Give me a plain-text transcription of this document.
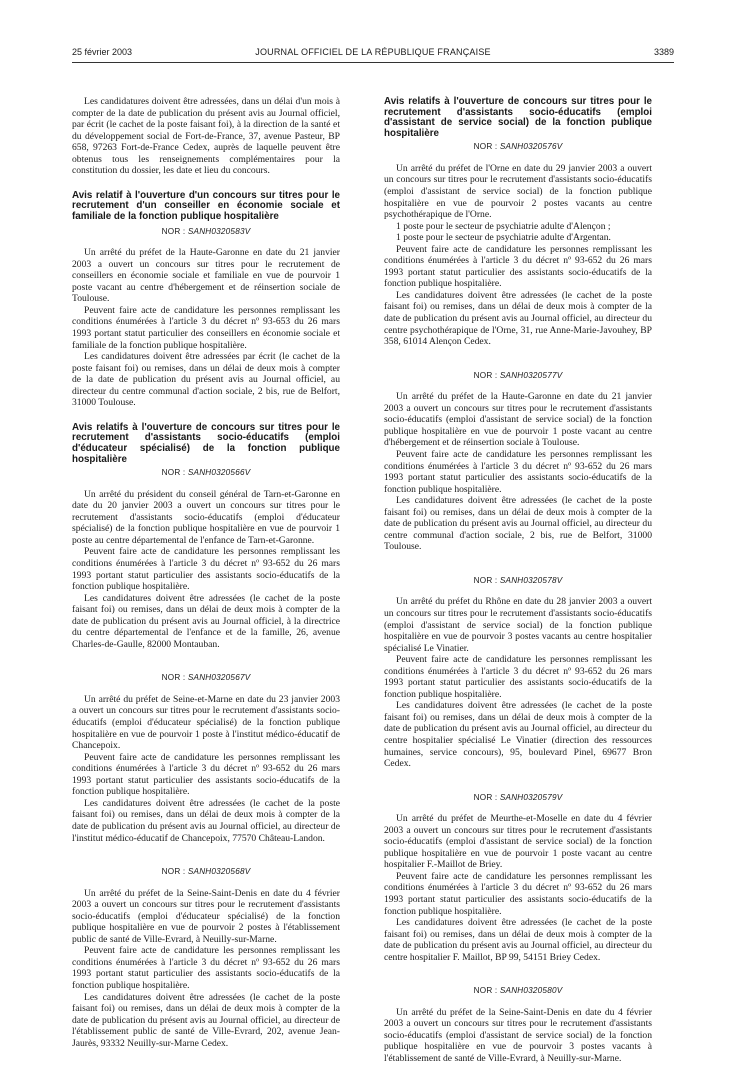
25 février 2003	JOURNAL OFFICIEL DE LA RÉPUBLIQUE FRANÇAISE	3389

Les candidatures doivent être adressées, dans un délai d'un mois à compter de la date de publication du présent avis au Journal officiel, par écrit (le cachet de la poste faisant foi), à la direction de la santé et du développement social de Fort-de-France, 37, avenue Pasteur, BP 658, 97263 Fort-de-France Cedex, auprès de laquelle peuvent être obtenus tous les renseignements complémentaires pour la constitution du dossier, les date et lieu du concours.

Avis relatif à l'ouverture d'un concours sur titres pour le recrutement d'un conseiller en économie sociale et familiale de la fonction publique hospitalière

NOR : SANH0320583V

Un arrêté du préfet de la Haute-Garonne en date du 21 janvier 2003 a ouvert un concours sur titres pour le recrutement de conseillers en économie sociale et familiale en vue de pourvoir 1 poste vacant au centre d'hébergement et de réinsertion sociale de Toulouse.

Peuvent faire acte de candidature les personnes remplissant les conditions énumérées à l'article 3 du décret nº 93-653 du 26 mars 1993 portant statut particulier des conseillers en économie sociale et familiale de la fonction publique hospitalière.

Les candidatures doivent être adressées par écrit (le cachet de la poste faisant foi) ou remises, dans un délai de deux mois à compter de la date de publication du présent avis au Journal officiel, au directeur du centre communal d'action sociale, 2 bis, rue de Belfort, 31000 Toulouse.

Avis relatifs à l'ouverture de concours sur titres pour le recrutement d'assistants socio-éducatifs (emploi d'éducateur spécialisé) de la fonction publique hospitalière

NOR : SANH0320566V

Un arrêté du président du conseil général de Tarn-et-Garonne en date du 20 janvier 2003 a ouvert un concours sur titres pour le recrutement d'assistants socio-éducatifs (emploi d'éducateur spécialisé) de la fonction publique hospitalière en vue de pourvoir 1 poste au centre départemental de l'enfance de Tarn-et-Garonne.

Peuvent faire acte de candidature les personnes remplissant les conditions énumérées à l'article 3 du décret nº 93-652 du 26 mars 1993 portant statut particulier des assistants socio-éducatifs de la fonction publique hospitalière.

Les candidatures doivent être adressées (le cachet de la poste faisant foi) ou remises, dans un délai de deux mois à compter de la date de publication du présent avis au Journal officiel, à la directrice du centre départemental de l'enfance et de la famille, 26, avenue Charles-de-Gaulle, 82000 Montauban.

NOR : SANH0320567V

Un arrêté du préfet de Seine-et-Marne en date du 23 janvier 2003 a ouvert un concours sur titres pour le recrutement d'assistants socio-éducatifs (emploi d'éducateur spécialisé) de la fonction publique hospitalière en vue de pourvoir 1 poste à l'institut médico-éducatif de Chancepoix.

Peuvent faire acte de candidature les personnes remplissant les conditions énumérées à l'article 3 du décret nº 93-652 du 26 mars 1993 portant statut particulier des assistants socio-éducatifs de la fonction publique hospitalière.

Les candidatures doivent être adressées (le cachet de la poste faisant foi) ou remises, dans un délai de deux mois à compter de la date de publication du présent avis au Journal officiel, au directeur de l'institut médico-éducatif de Chancepoix, 77570 Château-Landon.

NOR : SANH0320568V

Un arrêté du préfet de la Seine-Saint-Denis en date du 4 février 2003 a ouvert un concours sur titres pour le recrutement d'assistants socio-éducatifs (emploi d'éducateur spécialisé) de la fonction publique hospitalière en vue de pourvoir 2 postes à l'établissement public de santé de Ville-Evrard, à Neuilly-sur-Marne.

Peuvent faire acte de candidature les personnes remplissant les conditions énumérées à l'article 3 du décret nº 93-652 du 26 mars 1993 portant statut particulier des assistants socio-éducatifs de la fonction publique hospitalière.

Les candidatures doivent être adressées (le cachet de la poste faisant foi) ou remises, dans un délai de deux mois à compter de la date de publication du présent avis au Journal officiel, au directeur de l'établissement public de santé de Ville-Evrard, 202, avenue Jean-Jaurès, 93332 Neuilly-sur-Marne Cedex.

Avis relatifs à l'ouverture de concours sur titres pour le recrutement d'assistants socio-éducatifs (emploi d'assistant de service social) de la fonction publique hospitalière

NOR : SANH0320576V

Un arrêté du préfet de l'Orne en date du 29 janvier 2003 a ouvert un concours sur titres pour le recrutement d'assistants socio-éducatifs (emploi d'assistant de service social) de la fonction publique hospitalière en vue de pourvoir 2 postes vacants au centre psychothérapique de l'Orne.

1 poste pour le secteur de psychiatrie adulte d'Alençon ;

1 poste pour le secteur de psychiatrie adulte d'Argentan.

Peuvent faire acte de candidature les personnes remplissant les conditions énumérées à l'article 3 du décret nº 93-652 du 26 mars 1993 portant statut particulier des assistants socio-éducatifs de la fonction publique hospitalière.

Les candidatures doivent être adressées (le cachet de la poste faisant foi) ou remises, dans un délai de deux mois à compter de la date de publication du présent avis au Journal officiel, au directeur du centre psychothérapique de l'Orne, 31, rue Anne-Marie-Javouhey, BP 358, 61014 Alençon Cedex.

NOR : SANH0320577V

Un arrêté du préfet de la Haute-Garonne en date du 21 janvier 2003 a ouvert un concours sur titres pour le recrutement d'assistants socio-éducatifs (emploi d'assistant de service social) de la fonction publique hospitalière en vue de pourvoir 1 poste vacant au centre d'hébergement et de réinsertion sociale à Toulouse.

Peuvent faire acte de candidature les personnes remplissant les conditions énumérées à l'article 3 du décret nº 93-652 du 26 mars 1993 portant statut particulier des assistants socio-éducatifs de la fonction publique hospitalière.

Les candidatures doivent être adressées (le cachet de la poste faisant foi) ou remises, dans un délai de deux mois à compter de la date de publication du présent avis au Journal officiel, au directeur du centre communal d'action sociale, 2 bis, rue de Belfort, 31000 Toulouse.

NOR : SANH0320578V

Un arrêté du préfet du Rhône en date du 28 janvier 2003 a ouvert un concours sur titres pour le recrutement d'assistants socio-éducatifs (emploi d'assistant de service social) de la fonction publique hospitalière en vue de pourvoir 3 postes vacants au centre hospitalier spécialisé Le Vinatier.

Peuvent faire acte de candidature les personnes remplissant les conditions énumérées à l'article 3 du décret nº 93-652 du 26 mars 1993 portant statut particulier des assistants socio-éducatifs de la fonction publique hospitalière.

Les candidatures doivent être adressées (le cachet de la poste faisant foi) ou remises, dans un délai de deux mois à compter de la date de publication du présent avis au Journal officiel, au directeur du centre hospitalier spécialisé Le Vinatier (direction des ressources humaines, service concours), 95, boulevard Pinel, 69677 Bron Cedex.

NOR : SANH0320579V

Un arrêté du préfet de Meurthe-et-Moselle en date du 4 février 2003 a ouvert un concours sur titres pour le recrutement d'assistants socio-éducatifs (emploi d'assistant de service social) de la fonction publique hospitalière en vue de pourvoir 1 poste vacant au centre hospitalier F.-Maillot de Briey.

Peuvent faire acte de candidature les personnes remplissant les conditions énumérées à l'article 3 du décret nº 93-652 du 26 mars 1993 portant statut particulier des assistants socio-éducatifs de la fonction publique hospitalière.

Les candidatures doivent être adressées (le cachet de la poste faisant foi) ou remises, dans un délai de deux mois à compter de la date de publication du présent avis au Journal officiel, au directeur du centre hospitalier F. Maillot, BP 99, 54151 Briey Cedex.

NOR : SANH0320580V

Un arrêté du préfet de la Seine-Saint-Denis en date du 4 février 2003 a ouvert un concours sur titres pour le recrutement d'assistants socio-éducatifs (emploi d'assistant de service social) de la fonction publique hospitalière en vue de pourvoir 3 postes vacants à l'établissement de santé de Ville-Evrard, à Neuilly-sur-Marne.
